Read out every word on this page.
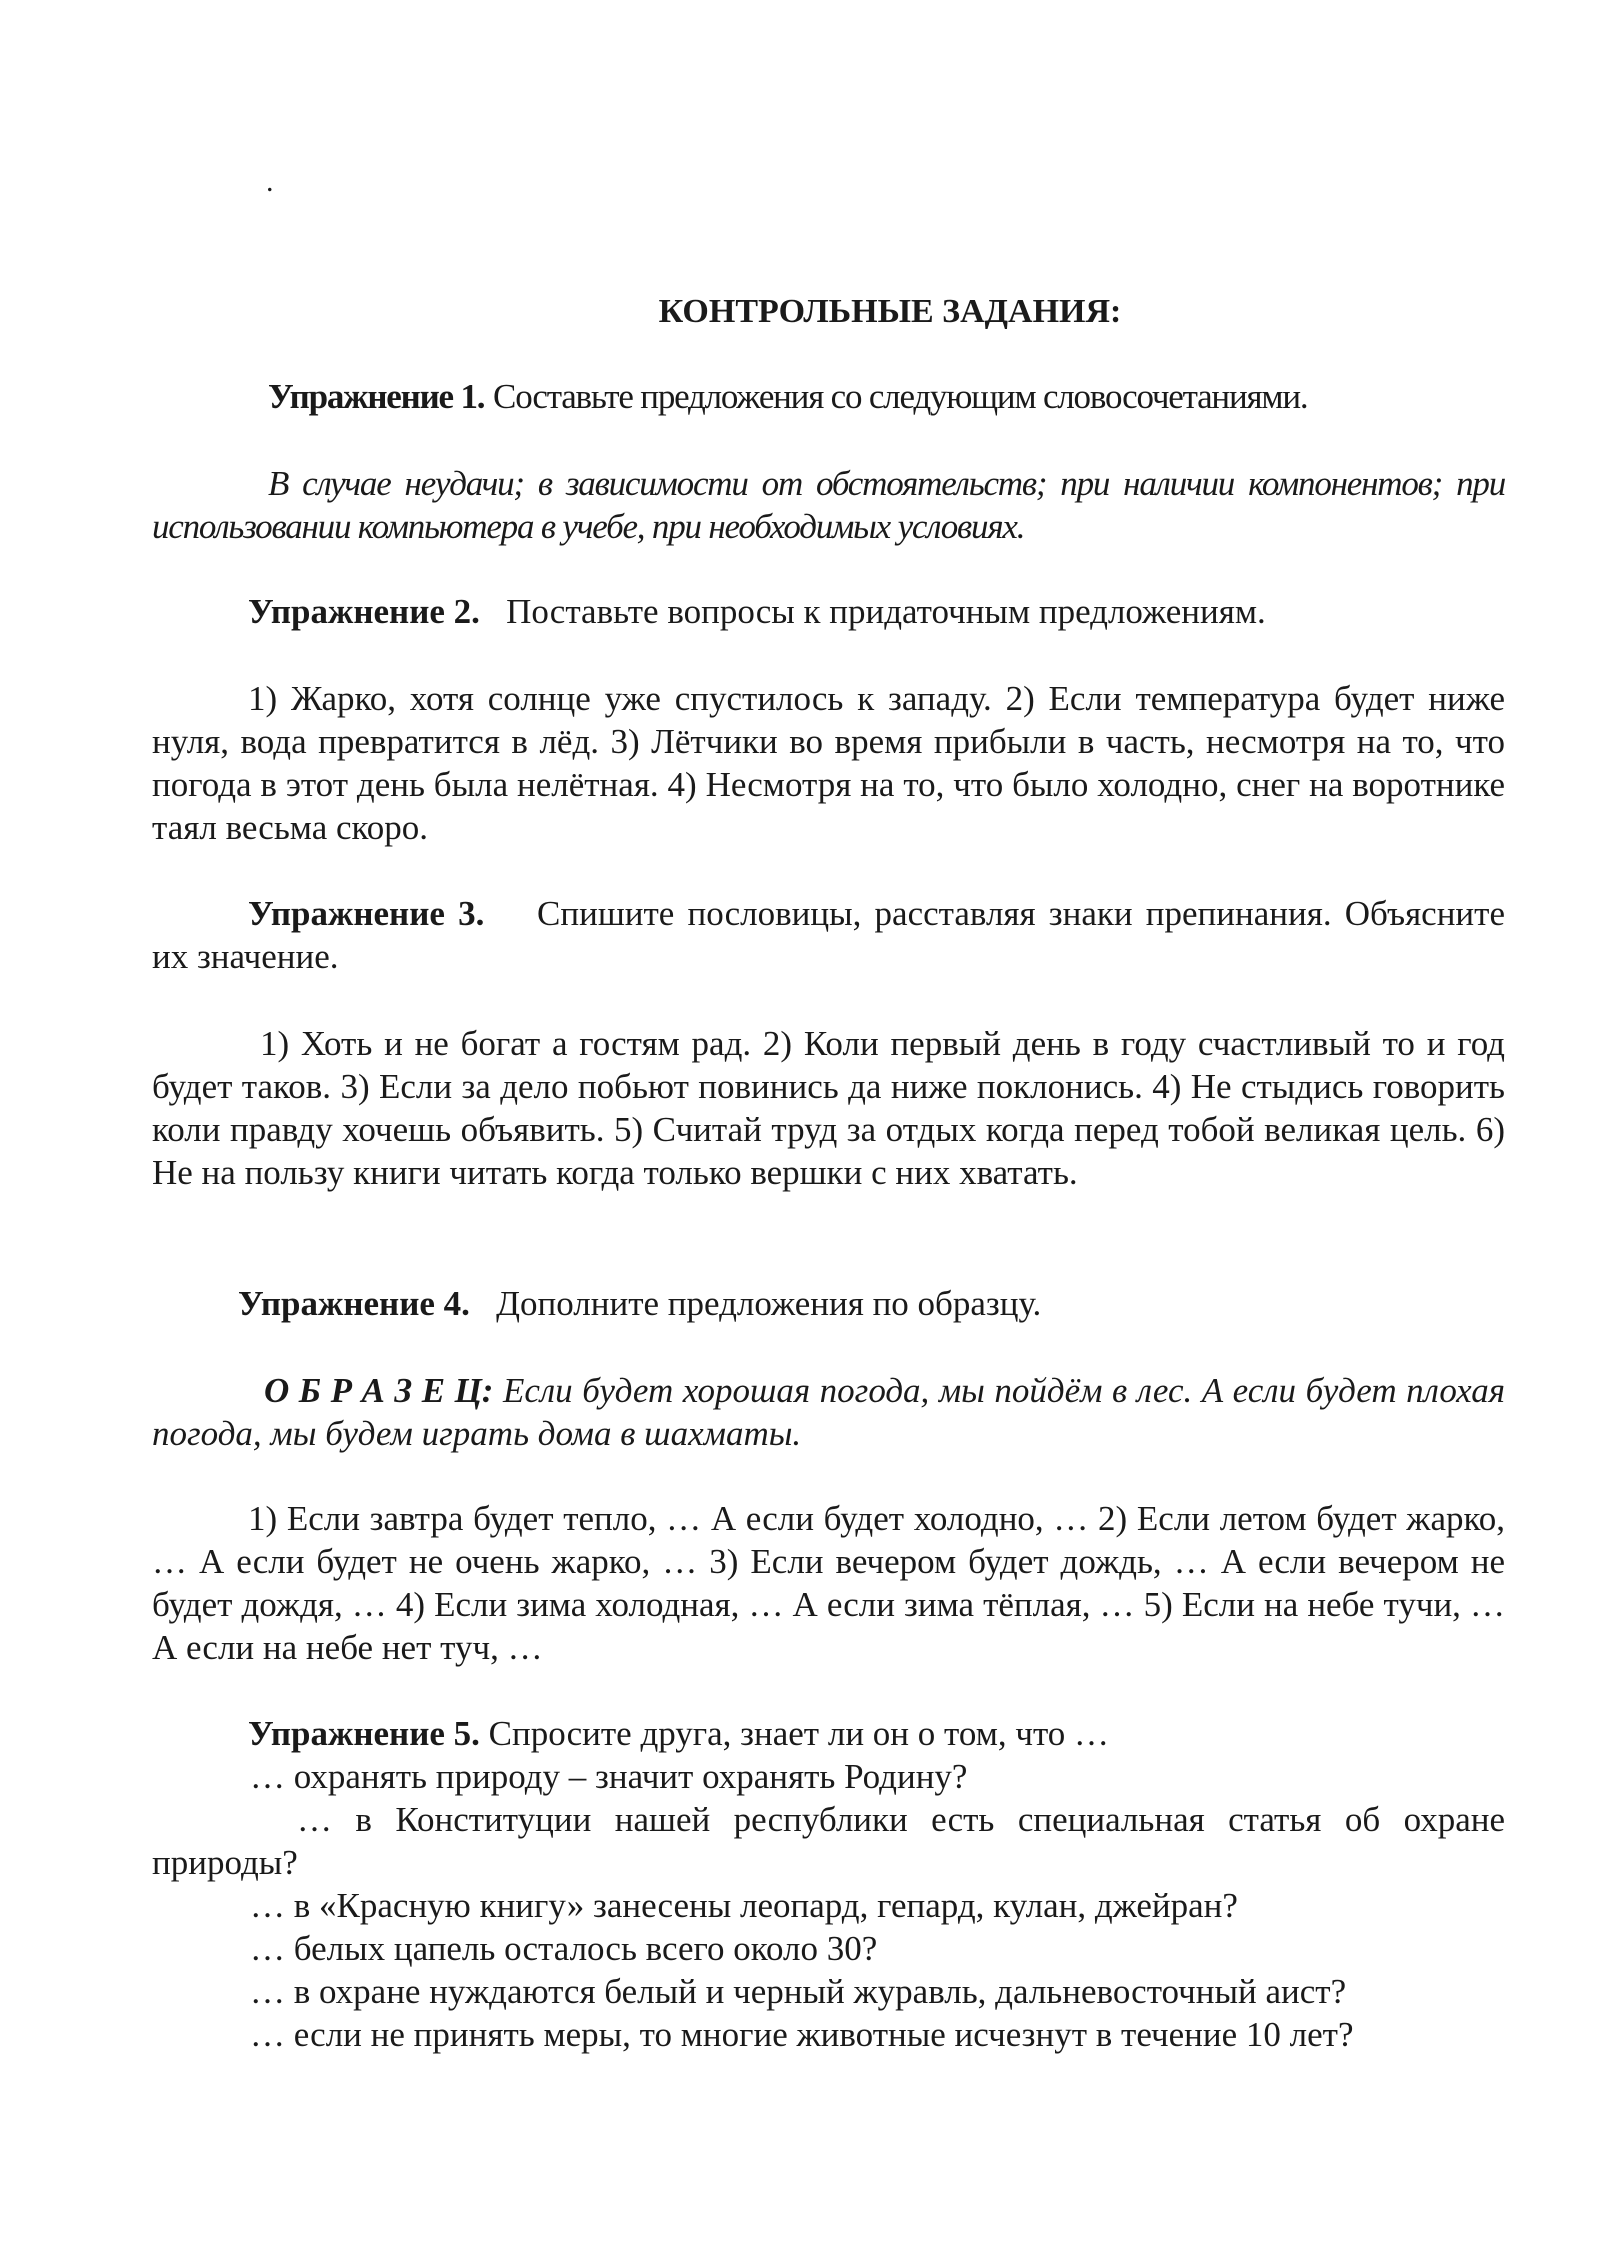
.
КОНТРОЛЬНЫЕ ЗАДАНИЯ:
Упражнение 1. Составьте предложения со следующим словосочетаниями.
В случае неудачи; в зависимости от обстоятельств; при наличии компонентов; при использовании компьютера в учебе, при необходимых условиях.
Упражнение 2. Поставьте вопросы к придаточным предложениям.
1) Жарко, хотя солнце уже спустилось к западу. 2) Если температура будет ниже нуля, вода превратится в лёд. 3) Лётчики во время прибыли в часть, несмотря на то, что погода в этот день была нелётная. 4) Несмотря на то, что было холодно, снег на воротнике таял весьма скоро.
Упражнение 3. Спишите пословицы, расставляя знаки препинания. Объясните их значение.
1) Хоть и не богат а гостям рад. 2) Коли первый день в году счастливый то и год будет таков. 3) Если за дело побьют повинись да ниже поклонись. 4) Не стыдись говорить коли правду хочешь объявить. 5) Считай труд за отдых когда перед тобой великая цель. 6) Не на пользу книги читать когда только вершки с них хватать.
Упражнение 4. Дополните предложения по образцу.
О Б Р А З Е Ц: Если будет хорошая погода, мы пойдём в лес. А если будет плохая погода, мы будем играть дома в шахматы.
1) Если завтра будет тепло, … А если будет холодно, … 2) Если летом будет жарко, … А если будет не очень жарко, … 3) Если вечером будет дождь, … А если вечером не будет дождя, … 4) Если зима холодная, … А если зима тёплая, … 5) Если на небе тучи, … А если на небе нет туч, …
Упражнение 5. Спросите друга, знает ли он о том, что …
… охранять природу – значит охранять Родину?
… в Конституции нашей республики есть специальная статья об охране природы?
… в «Красную книгу» занесены леопард, гепард, кулан, джейран?
… белых цапель осталось всего около 30?
… в охране нуждаются белый и черный журавль, дальневосточный аист?
… если не принять меры, то многие животные исчезнут в течение 10 лет?
